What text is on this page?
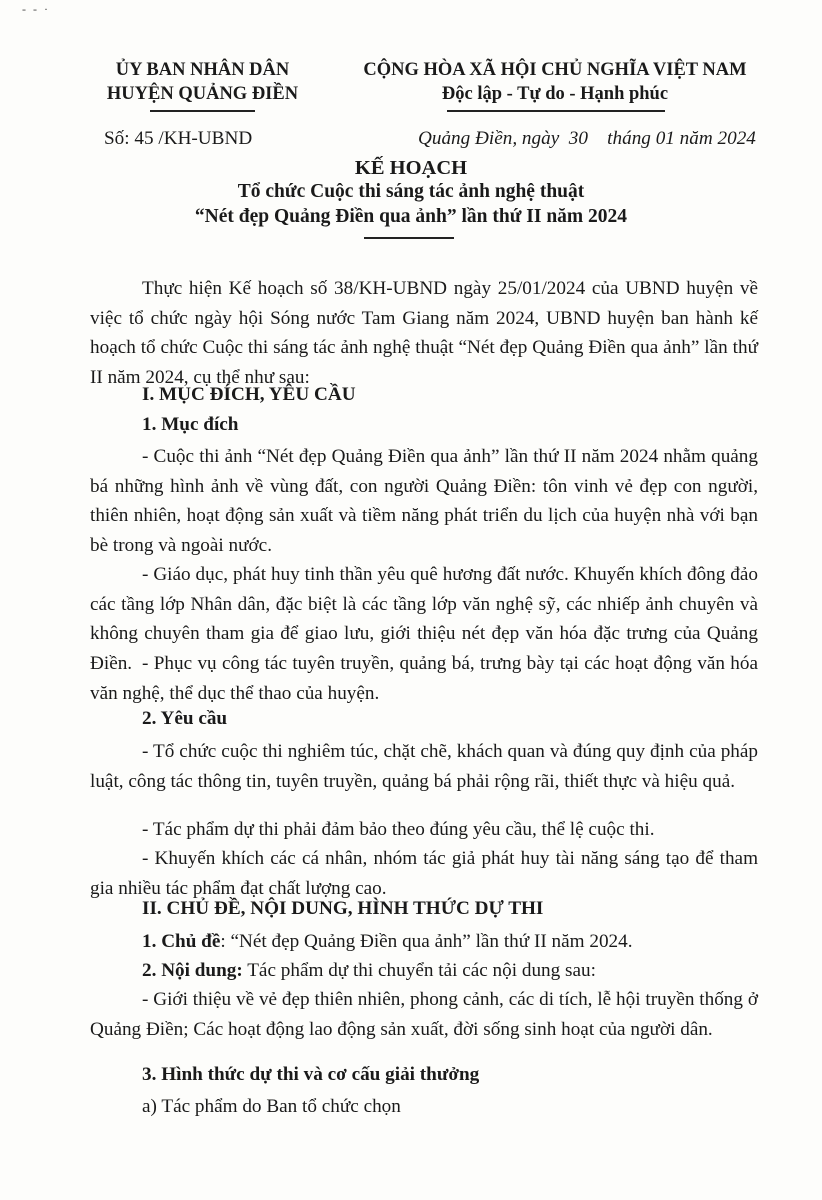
- - ·
ỦY BAN NHÂN DÂN
HUYỆN QUẢNG ĐIỀN
CỘNG HÒA XÃ HỘI CHỦ NGHĨA VIỆT NAM
Độc lập - Tự do - Hạnh phúc
Số: 45 /KH-UBND	Quảng Điền, ngày  30    tháng 01 năm 2024
KẾ HOẠCH
Tổ chức Cuộc thi sáng tác ảnh nghệ thuật
“Nét đẹp Quảng Điền qua ảnh” lần thứ II năm 2024
Thực hiện Kế hoạch số 38/KH-UBND ngày 25/01/2024 của UBND huyện về việc tổ chức ngày hội Sóng nước Tam Giang năm 2024, UBND huyện ban hành kế hoạch tổ chức Cuộc thi sáng tác ảnh nghệ thuật “Nét đẹp Quảng Điền qua ảnh” lần thứ II năm 2024, cụ thể như sau:
I. MỤC ĐÍCH, YÊU CẦU
1. Mục đích
- Cuộc thi ảnh “Nét đẹp Quảng Điền qua ảnh” lần thứ II năm 2024 nhằm quảng bá những hình ảnh về vùng đất, con người Quảng Điền: tôn vinh vẻ đẹp con người, thiên nhiên, hoạt động sản xuất và tiềm năng phát triển du lịch của huyện nhà với bạn bè trong và ngoài nước.
- Giáo dục, phát huy tinh thần yêu quê hương đất nước. Khuyến khích đông đảo các tầng lớp Nhân dân, đặc biệt là các tầng lớp văn nghệ sỹ, các nhiếp ảnh chuyên và không chuyên tham gia để giao lưu, giới thiệu nét đẹp văn hóa đặc trưng của Quảng Điền. - Phục vụ công tác tuyên truyền, quảng bá, trưng bày tại các hoạt động văn hóa văn nghệ, thể dục thể thao của huyện.
2. Yêu cầu
- Tổ chức cuộc thi nghiêm túc, chặt chẽ, khách quan và đúng quy định của pháp luật, công tác thông tin, tuyên truyền, quảng bá phải rộng rãi, thiết thực và hiệu quả.
- Tác phẩm dự thi phải đảm bảo theo đúng yêu cầu, thể lệ cuộc thi.
- Khuyến khích các cá nhân, nhóm tác giả phát huy tài năng sáng tạo để tham gia nhiều tác phẩm đạt chất lượng cao.
II. CHỦ ĐỀ, NỘI DUNG, HÌNH THỨC DỰ THI
1. Chủ đề: “Nét đẹp Quảng Điền qua ảnh” lần thứ II năm 2024.
2. Nội dung: Tác phẩm dự thi chuyển tải các nội dung sau:
- Giới thiệu về vẻ đẹp thiên nhiên, phong cảnh, các di tích, lễ hội truyền thống ở Quảng Điền; Các hoạt động lao động sản xuất, đời sống sinh hoạt của người dân.
3. Hình thức dự thi và cơ cấu giải thưởng
a) Tác phẩm do Ban tổ chức chọn
